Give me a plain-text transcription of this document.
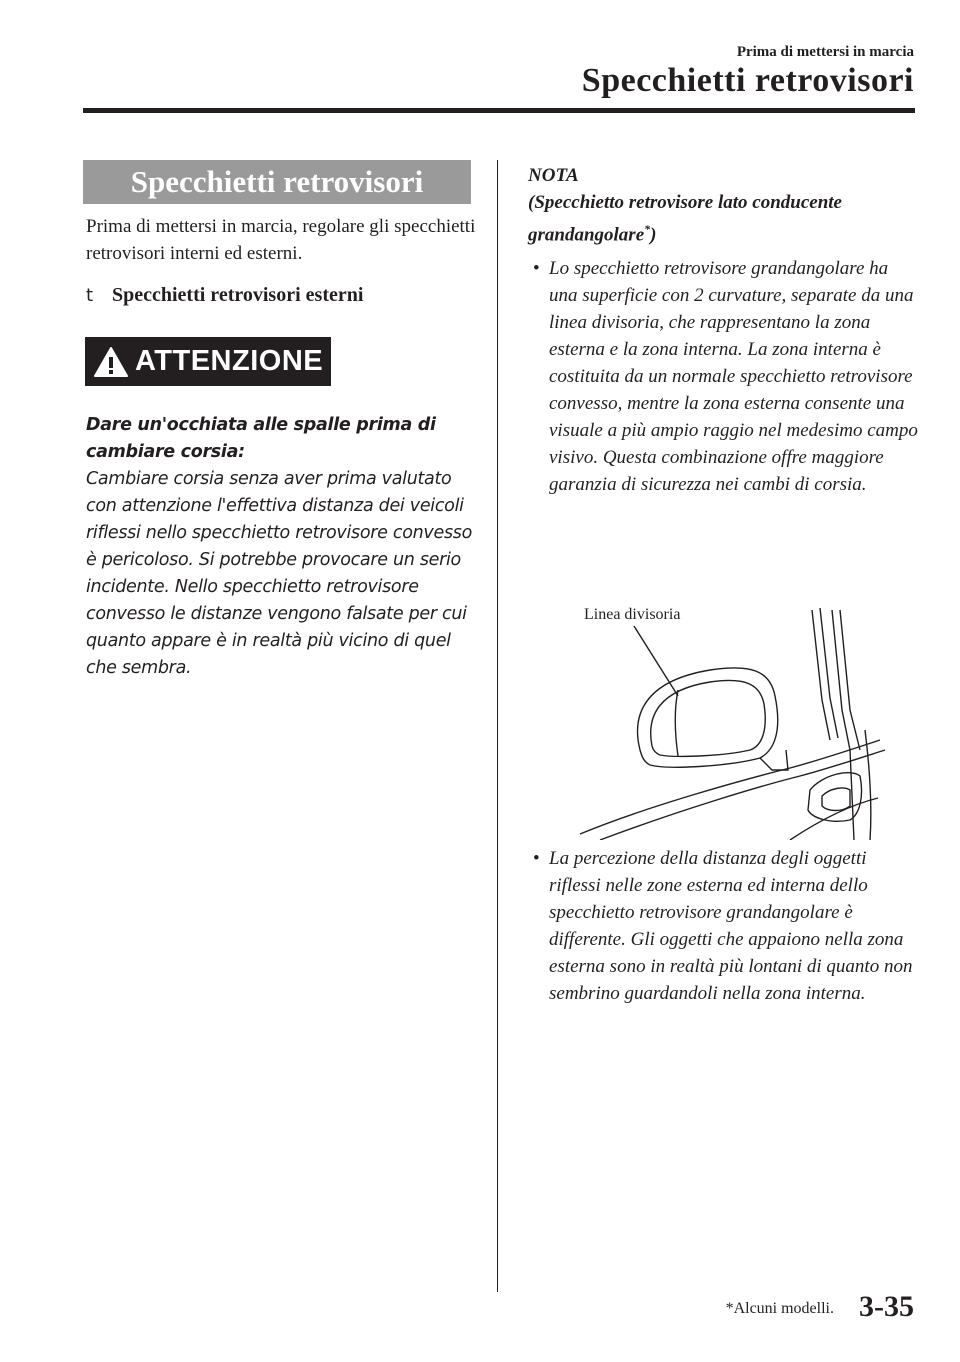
Prima di mettersi in marcia
Specchietti retrovisori
Specchietti retrovisori
Prima di mettersi in marcia, regolare gli specchietti retrovisori interni ed esterni.
t Specchietti retrovisori esterni
ATTENZIONE
Dare un'occhiata alle spalle prima di cambiare corsia:
Cambiare corsia senza aver prima valutato con attenzione l'effettiva distanza dei veicoli riflessi nello specchietto retrovisore convesso è pericoloso. Si potrebbe provocare un serio incidente. Nello specchietto retrovisore convesso le distanze vengono falsate per cui quanto appare è in realtà più vicino di quel che sembra.
NOTA
(Specchietto retrovisore lato conducente grandangolare*)
• Lo specchietto retrovisore grandangolare ha una superficie con 2 curvature, separate da una linea divisoria, che rappresentano la zona esterna e la zona interna. La zona interna è costituita da un normale specchietto retrovisore convesso, mentre la zona esterna consente una visuale a più ampio raggio nel medesimo campo visivo. Questa combinazione offre maggiore garanzia di sicurezza nei cambi di corsia.
Linea divisoria
• La percezione della distanza degli oggetti riflessi nelle zone esterna ed interna dello specchietto retrovisore grandangolare è differente. Gli oggetti che appaiono nella zona esterna sono in realtà più lontani di quanto non sembrino guardandoli nella zona interna.
*Alcuni modelli. 3-35
